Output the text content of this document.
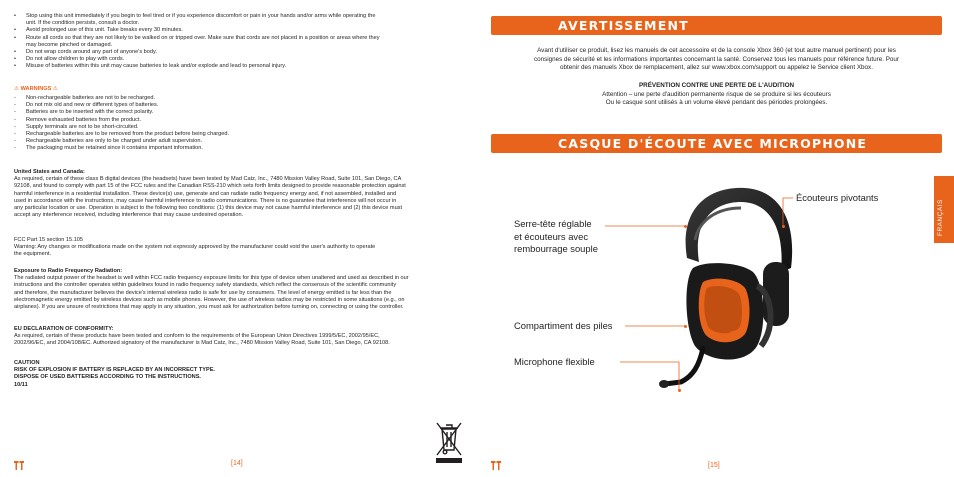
• Stop using this unit immediately if you begin to feel tired or if you experience discomfort or pain in your hands and/or arms while operating the
unit. If the condition persists, consult a doctor.
• Avoid prolonged use of this unit. Take breaks every 30 minutes.
• Route all cords so that they are not likely to be walked on or tripped over. Make sure that cords are not placed in a position or areas where they
may become pinched or damaged.
• Do not wrap cords around any part of anyone's body.
• Do not allow children to play with cords.
• Misuse of batteries within this unit may cause batteries to leak and/or explode and lead to personal injury.
⚠ WARNINGS ⚠
- Non-rechargeable batteries are not to be recharged.
- Do not mix old and new or different types of batteries.
- Batteries are to be inserted with the correct polarity.
- Remove exhausted batteries from the product.
- Supply terminals are not to be short-circuited.
- Rechargeable batteries are to be removed from the product before being charged.
- Rechargeable batteries are only to be charged under adult supervision.
- The packaging must be retained since it contains important information.
United States and Canada:
As required, certain of these class B digital devices (the headsets) have been tested by Mad Catz, Inc., 7480 Mission Valley Road, Suite 101, San Diego, CA
92108, and found to comply with part 15 of the FCC rules and the Canadian RSS-210 which sets forth limits designed to provide reasonable protection against
harmful interference in a residential installation. These device(s) use, generate and can radiate radio frequency energy and, if not assembled, installed and
used in accordance with the instructions, may cause harmful interference to radio communications. There is no guarantee that interference will not occur in
any particular location or use. Operation is subject to the following two conditions: (1) this device may not cause harmful interference and (2) this device must
accept any interference received, including interference that may cause undesired operation.
FCC Part 15 section 15.105
Warning: Any changes or modifications made on the system not expressly approved by the manufacturer could void the user's authority to operate
the equipment.
Exposure to Radio Frequency Radiation:
The radiated output power of the headset is well within FCC radio frequency exposure limits for this type of device when unaltered and used as described in our
instructions and the controller operates within guidelines found in radio frequency safety standards, which reflect the consensus of the scientific community
and therefore, the manufacturer believes the device's internal wireless radio is safe for use by consumers. The level of energy emitted is far less than the
electromagnetic energy emitted by wireless devices such as mobile phones. However, the use of wireless radios may be restricted in some situations (e.g., on
airplanes). If you are unsure of restrictions that may apply in any situation, you must ask for authorization before turning on, connecting or using the controller.
EU DECLARATION OF CONFORMITY:
As required, certain of these products have been tested and conform to the requirements of the European Union Directives 1999/5/EC, 2002/95/EC,
2002/96/EC, and 2004/108/EC. Authorized signatory of the manufacturer is Mad Catz, Inc., 7480 Mission Valley Road, Suite 101, San Diego, CA 92108.
CAUTION
RISK OF EXPLOSION IF BATTERY IS REPLACED BY AN INCORRECT TYPE.
DISPOSE OF USED BATTERIES ACCORDING TO THE INSTRUCTIONS.
10/11
[14]
AVERTISSEMENT
Avant d'utiliser ce produit, lisez les manuels de cet accessoire et de la console Xbox 360 (et tout autre manuel pertinent) pour les
consignes de sécurité et les informations importantes concernant la santé. Conservez tous les manuels pour référence future. Pour
obtenir des manuels Xbox de remplacement, allez sur www.xbox.com/support ou appelez le Service client Xbox.
PRÉVENTION CONTRE UNE PERTE DE L'AUDITION
Attention – une perte d'audition permanente risque de se produire si les écouteurs
Ou le casque sont utilisés à un volume élevé pendant des périodes prolongées.
CASQUE D'ÉCOUTE AVEC MICROPHONE
FRANÇAIS
Écouteurs pivotants
Serre-tête réglable
et écouteurs avec
rembourrage souple
Compartiment des piles
Microphone flexible
[15]
